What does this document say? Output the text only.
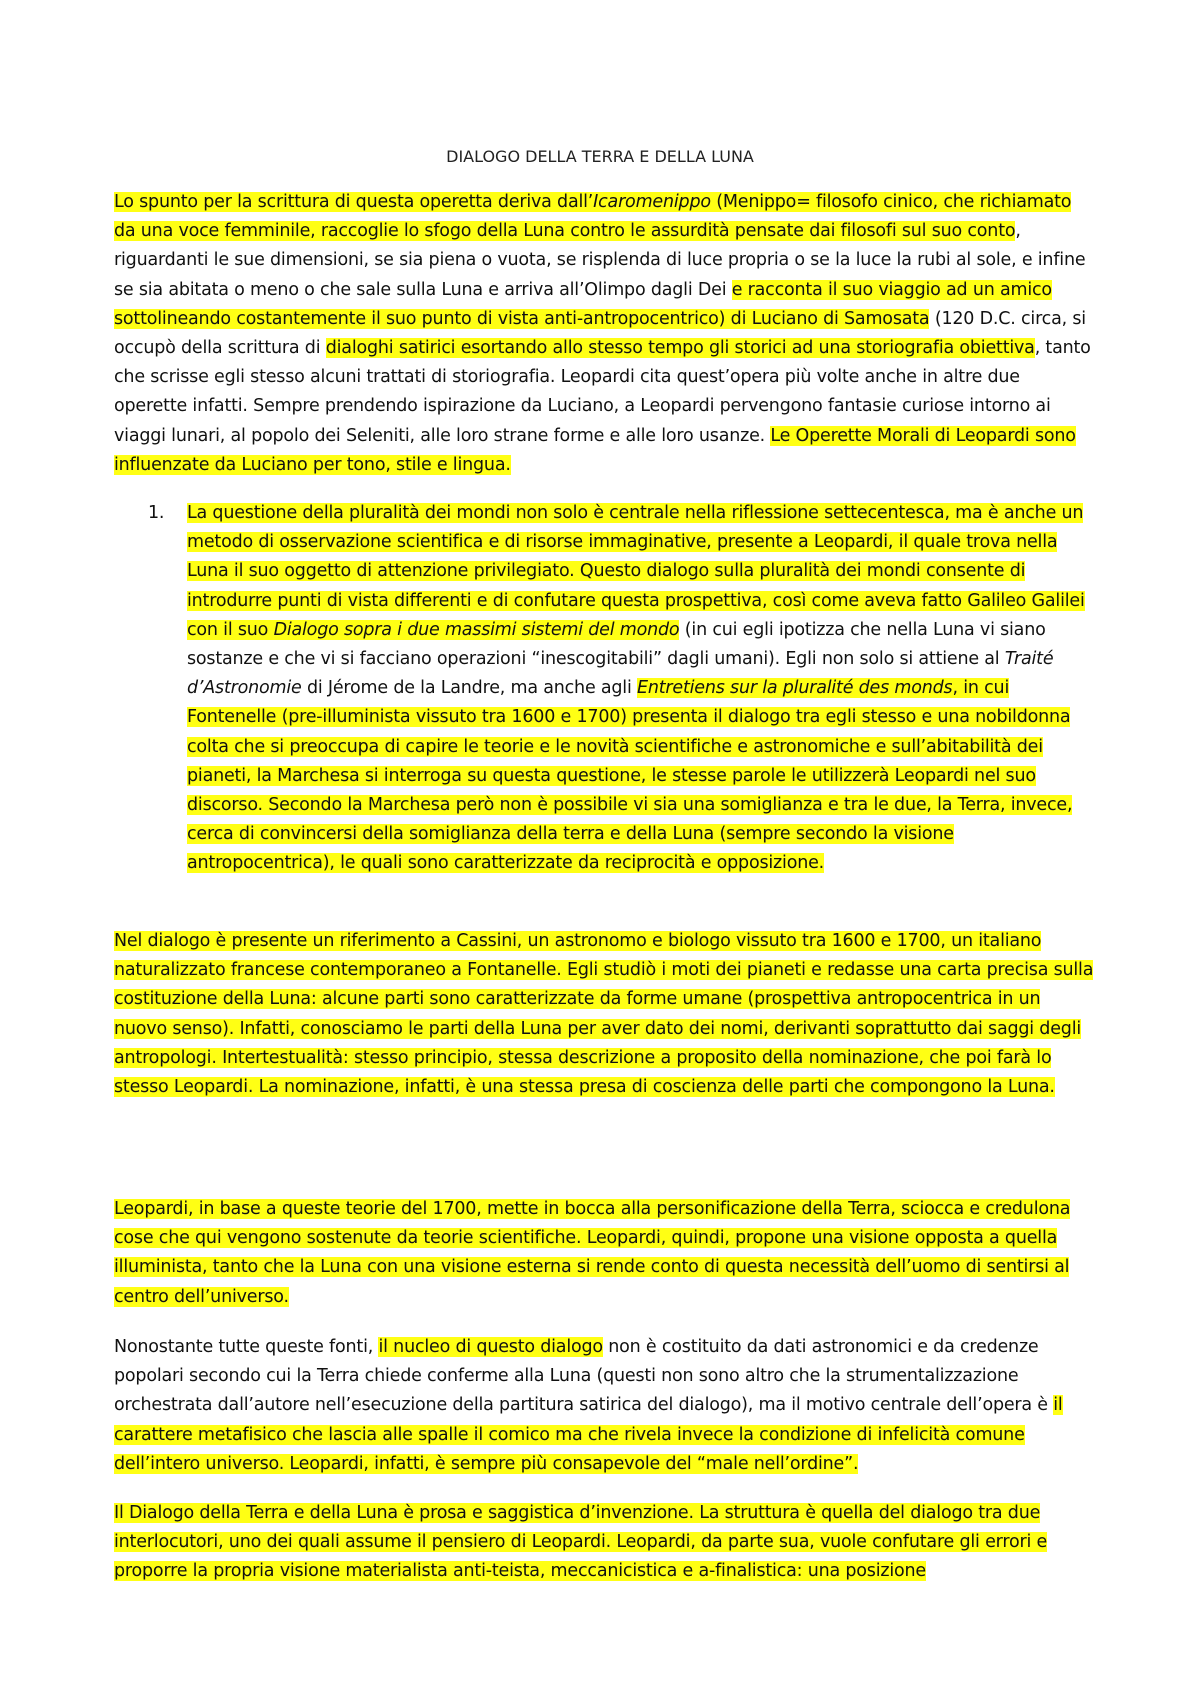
DIALOGO DELLA TERRA E DELLA LUNA

Lo spunto per la scrittura di questa operetta deriva dall’Icaromenippo (Menippo= filosofo cinico, che richiamato da una voce femminile, raccoglie lo sfogo della Luna contro le assurdità pensate dai filosofi sul suo conto, riguardanti le sue dimensioni, se sia piena o vuota, se risplenda di luce propria o se la luce la rubi al sole, e infine se sia abitata o meno o che sale sulla Luna e arriva all’Olimpo dagli Dei e racconta il suo viaggio ad un amico sottolineando costantemente il suo punto di vista anti-antropocentrico) di Luciano di Samosata (120 D.C. circa, si occupò della scrittura di dialoghi satirici esortando allo stesso tempo gli storici ad una storiografia obiettiva, tanto che scrisse egli stesso alcuni trattati di storiografia. Leopardi cita quest’opera più volte anche in altre due operette infatti. Sempre prendendo ispirazione da Luciano, a Leopardi pervengono fantasie curiose intorno ai viaggi lunari, al popolo dei Seleniti, alle loro strane forme e alle loro usanze. Le Operette Morali di Leopardi sono influenzate da Luciano per tono, stile e lingua.

1. La questione della pluralità dei mondi non solo è centrale nella riflessione settecentesca, ma è anche un metodo di osservazione scientifica e di risorse immaginative, presente a Leopardi, il quale trova nella Luna il suo oggetto di attenzione privilegiato. Questo dialogo sulla pluralità dei mondi consente di introdurre punti di vista differenti e di confutare questa prospettiva, così come aveva fatto Galileo Galilei con il suo Dialogo sopra i due massimi sistemi del mondo (in cui egli ipotizza che nella Luna vi siano sostanze e che vi si facciano operazioni “inescogitabili” dagli umani). Egli non solo si attiene al Traité d’Astronomie di Jérome de la Landre, ma anche agli Entretiens sur la pluralité des monds, in cui Fontenelle (pre-illuminista vissuto tra 1600 e 1700) presenta il dialogo tra egli stesso e una nobildonna colta che si preoccupa di capire le teorie e le novità scientifiche e astronomiche e sull’abitabilità dei pianeti, la Marchesa si interroga su questa questione, le stesse parole le utilizzerà Leopardi nel suo discorso. Secondo la Marchesa però non è possibile vi sia una somiglianza e tra le due, la Terra, invece, cerca di convincersi della somiglianza della terra e della Luna (sempre secondo la visione antropocentrica), le quali sono caratterizzate da reciprocità e opposizione.

Nel dialogo è presente un riferimento a Cassini, un astronomo e biologo vissuto tra 1600 e 1700, un italiano naturalizzato francese contemporaneo a Fontanelle. Egli studiò i moti dei pianeti e redasse una carta precisa sulla costituzione della Luna: alcune parti sono caratterizzate da forme umane (prospettiva antropocentrica in un nuovo senso). Infatti, conosciamo le parti della Luna per aver dato dei nomi, derivanti soprattutto dai saggi degli antropologi. Intertestualità: stesso principio, stessa descrizione a proposito della nominazione, che poi farà lo stesso Leopardi. La nominazione, infatti, è una stessa presa di coscienza delle parti che compongono la Luna.

Leopardi, in base a queste teorie del 1700, mette in bocca alla personificazione della Terra, sciocca e credulona cose che qui vengono sostenute da teorie scientifiche. Leopardi, quindi, propone una visione opposta a quella illuminista, tanto che la Luna con una visione esterna si rende conto di questa necessità dell’uomo di sentirsi al centro dell’universo.

Nonostante tutte queste fonti, il nucleo di questo dialogo non è costituito da dati astronomici e da credenze popolari secondo cui la Terra chiede conferme alla Luna (questi non sono altro che la strumentalizzazione orchestrata dall’autore nell’esecuzione della partitura satirica del dialogo), ma il motivo centrale dell’opera è il carattere metafisico che lascia alle spalle il comico ma che rivela invece la condizione di infelicità comune dell’intero universo. Leopardi, infatti, è sempre più consapevole del “male nell’ordine”.

Il Dialogo della Terra e della Luna è prosa e saggistica d’invenzione. La struttura è quella del dialogo tra due interlocutori, uno dei quali assume il pensiero di Leopardi. Leopardi, da parte sua, vuole confutare gli errori e proporre la propria visione materialista anti-teista, meccanicistica e a-finalistica: una posizione
